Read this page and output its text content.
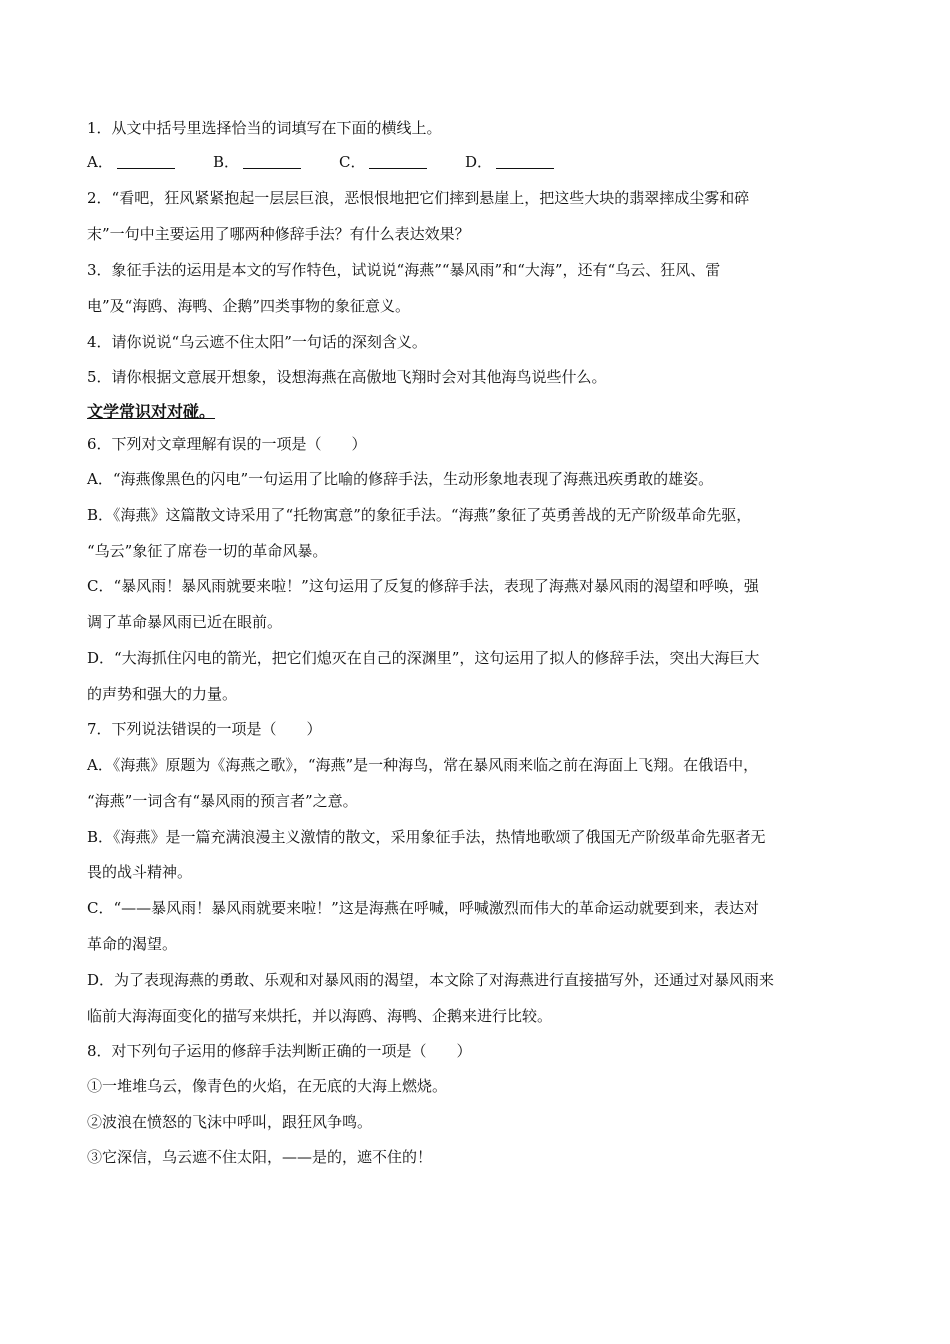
1．从文中括号里选择恰当的词填写在下面的横线上。
A．	B．	C．	D．
2．“看吧，狂风紧紧抱起一层层巨浪，恶恨恨地把它们摔到悬崖上，把这些大块的翡翠摔成尘雾和碎
末”一句中主要运用了哪两种修辞手法？有什么表达效果？
3．象征手法的运用是本文的写作特色，试说说“海燕”“暴风雨”和“大海”，还有“乌云、狂风、雷
电”及“海鸥、海鸭、企鹅”四类事物的象征意义。
4．请你说说“乌云遮不住太阳”一句话的深刻含义。
5．请你根据文意展开想象，设想海燕在高傲地飞翔时会对其他海鸟说些什么。
文学常识对对碰。
6．下列对文章理解有误的一项是（　　）
A．“海燕像黑色的闪电”一句运用了比喻的修辞手法，生动形象地表现了海燕迅疾勇敢的雄姿。
B．《海燕》这篇散文诗采用了“托物寓意”的象征手法。“海燕”象征了英勇善战的无产阶级革命先驱，
“乌云”象征了席卷一切的革命风暴。
C．“暴风雨！暴风雨就要来啦！”这句运用了反复的修辞手法，表现了海燕对暴风雨的渴望和呼唤，强
调了革命暴风雨已近在眼前。
D．“大海抓住闪电的箭光，把它们熄灭在自己的深渊里”，这句运用了拟人的修辞手法，突出大海巨大
的声势和强大的力量。
7．下列说法错误的一项是（　　）
A．《海燕》原题为《海燕之歌》，“海燕”是一种海鸟，常在暴风雨来临之前在海面上飞翔。在俄语中，
“海燕”一词含有“暴风雨的预言者”之意。
B．《海燕》是一篇充满浪漫主义激情的散文，采用象征手法，热情地歌颂了俄国无产阶级革命先驱者无
畏的战斗精神。
C．“——暴风雨！暴风雨就要来啦！”这是海燕在呼喊，呼喊激烈而伟大的革命运动就要到来，表达对
革命的渴望。
D．为了表现海燕的勇敢、乐观和对暴风雨的渴望，本文除了对海燕进行直接描写外，还通过对暴风雨来
临前大海海面变化的描写来烘托，并以海鸥、海鸭、企鹅来进行比较。
8．对下列句子运用的修辞手法判断正确的一项是（　　）
①一堆堆乌云，像青色的火焰，在无底的大海上燃烧。
②波浪在愤怒的飞沫中呼叫，跟狂风争鸣。
③它深信，乌云遮不住太阳，——是的，遮不住的！
